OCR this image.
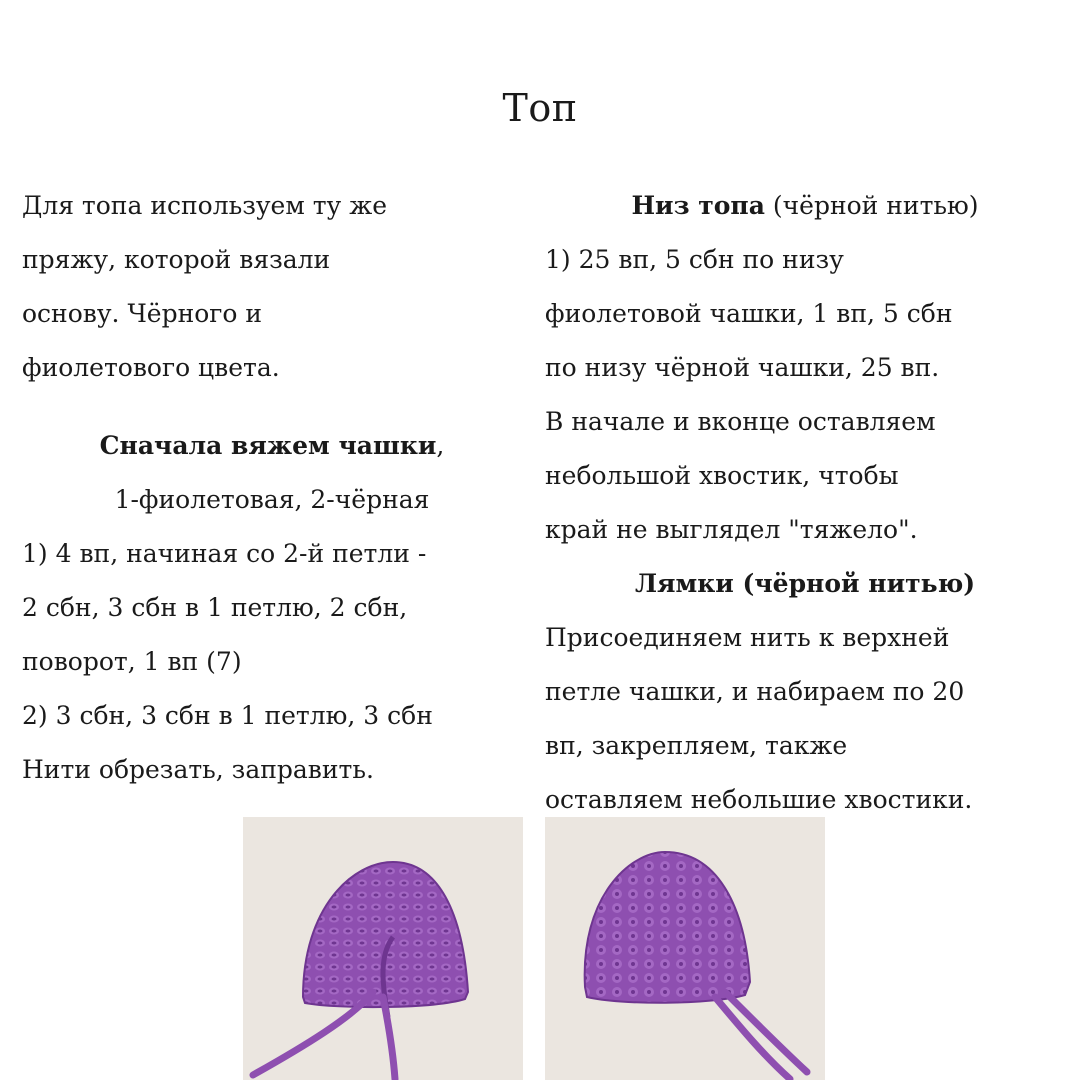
Топ
Для топа используем ту же
пряжу, которой вязали
основу. Чёрного и
фиолетового цвета.
Сначала вяжем чашки,
1-фиолетовая, 2-чёрная
1) 4 вп, начиная со 2-й петли -
2 сбн, 3 сбн в 1 петлю, 2 сбн,
поворот, 1 вп (7)
2) 3 сбн, 3 сбн в 1 петлю, 3 сбн
Нити обрезать, заправить.
Низ топа (чёрной нитью)
1) 25 вп, 5 сбн по низу
фиолетовой чашки, 1 вп, 5 сбн
по низу чёрной чашки, 25 вп.
В начале и вконце оставляем
небольшой хвостик, чтобы
край не выглядел "тяжело".
Лямки (чёрной нитью)
Присоединяем нить к верхней
петле чашки, и набираем по 20
вп, закрепляем, также
оставляем небольшие хвостики.
